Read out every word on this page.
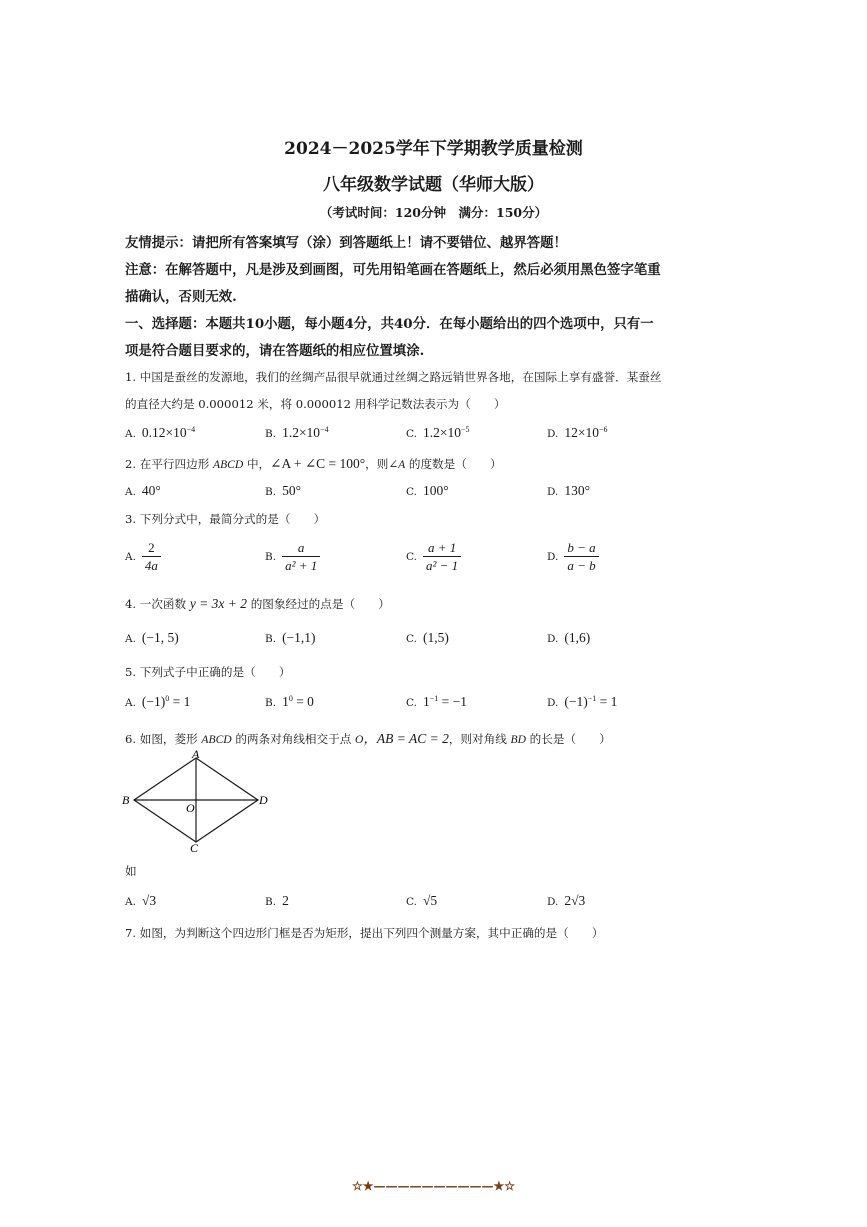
2024－2025学年下学期教学质量检测
八年级数学试题（华师大版）
（考试时间：120分钟　满分：150分）
友情提示：请把所有答案填写（涂）到答题纸上！请不要错位、越界答题！
注意：在解答题中，凡是涉及到画图，可先用铅笔画在答题纸上，然后必须用黑色签字笔重
描确认，否则无效.
一、选择题：本题共10小题，每小题4分，共40分．在每小题给出的四个选项中，只有一
项是符合题目要求的，请在答题纸的相应位置填涂.
1. 中国是蚕丝的发源地，我们的丝绸产品很早就通过丝绸之路远销世界各地，在国际上享有盛誉．某蚕丝
的直径大约是 0.000012 米，将 0.000012 用科学记数法表示为（　　）
A. $0.12\times 10^{-4}$	B. $1.2\times 10^{-4}$	C. $1.2\times 10^{-5}$	D. $12\times 10^{-6}$
2. 在平行四边形 ABCD 中，∠A + ∠C = 100°，则∠A 的度数是（　　）
A. 40°	B. 50°	C. 100°	D. 130°
3. 下列分式中，最简分式的是（　　）
A. $\frac{2}{4a}$	B. $\frac{a}{\text{a² + 1}}$	C. $\frac{a + 1}{\text{a² − 1}}$	D. $\frac{b - a}{a - b}$
4. 一次函数 y = 3x + 2 的图象经过的点是（　　）
A. (−1, 5)	B. (−1,1)	C. (1,5)	D. (1,6)
5. 下列式子中正确的是（　　）
A. $(-1)^0 = 1$	B. $1^0 = 0$	C. $1^{-1} = -1$	D. $(-1)^{-1} = 1$
6. 如图，菱形 ABCD 的两条对角线相交于点 O，AB = AC = 2，则对角线 BD 的长是（　　）
A
B
C
D
O
如
A. √3	B. 2	C. √5	D. 2√3
7. 如图，为判断这个四边形门框是否为矩形，提出下列四个测量方案，其中正确的是（　　）
☆★——————————★☆
